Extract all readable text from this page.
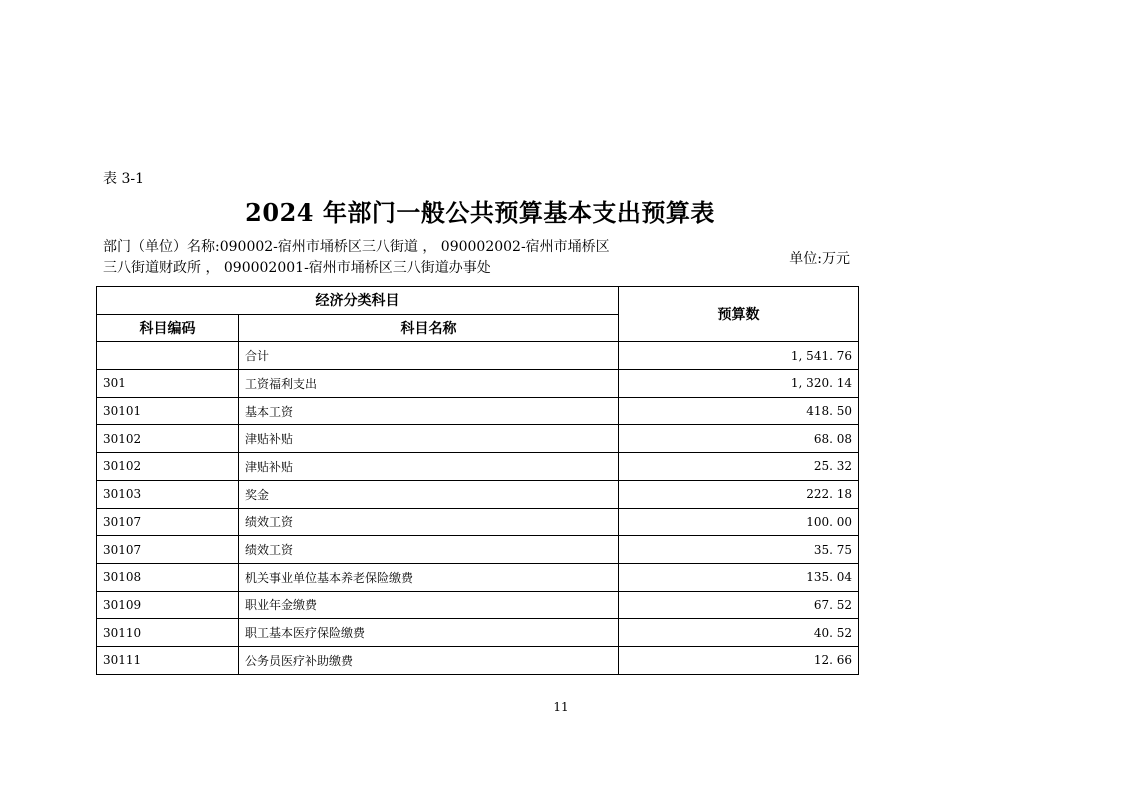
表 3-1
2024 年部门一般公共预算基本支出预算表
部门（单位）名称:090002-宿州市埇桥区三八街道 ， 090002002-宿州市埇桥区
三八街道财政所 ， 090002001-宿州市埇桥区三八街道办事处
单位:万元
经济分类科目		预算数
科目编码	科目名称	
	合计	1, 541. 76
301	工资福利支出	1, 320. 14
30101	基本工资	418. 50
30102	津贴补贴	68. 08
30102	津贴补贴	25. 32
30103	奖金	222. 18
30107	绩效工资	100. 00
30107	绩效工资	35. 75
30108	机关事业单位基本养老保险缴费	135. 04
30109	职业年金缴费	67. 52
30110	职工基本医疗保险缴费	40. 52
30111	公务员医疗补助缴费	12. 66
11
